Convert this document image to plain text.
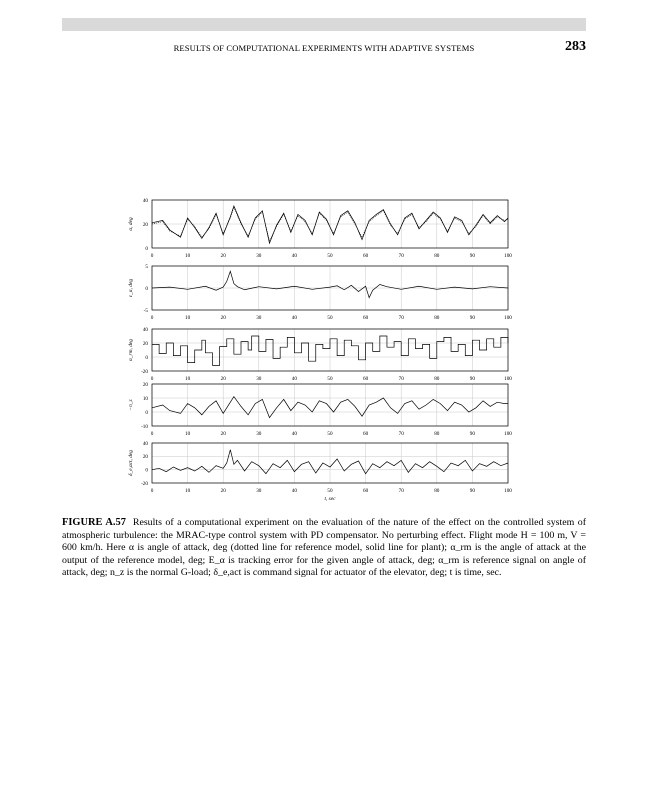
RESULTS OF COMPUTATIONAL EXPERIMENTS WITH ADAPTIVE SYSTEMS	283
0	10	20	30	40	50	60	70	80	90	100
0
20
40
α, deg
0	10	20	30	40	50	60	70	80	90	100
-5
0
5
ε_α, deg
0	10	20	30	40	50	60	70	80	90	100
-20
0
20
40
α_rm, deg
0	10	20	30	40	50	60	70	80	90	100
-10
0
10
20
−n_z
0	10	20	30	40	50	60	70	80	90	100
-20
0
20
40
δ_e,act, deg
t, sec
FIGURE A.57 Results of a computational experiment on the evaluation of the nature of the effect on the controlled system of atmospheric turbulence: the MRAC-type control system with PD compensator. No perturbing effect. Flight mode H = 100 m, V = 600 km/h. Here α is angle of attack, deg (dotted line for reference model, solid line for plant); α_rm is the angle of attack at the output of the reference model, deg; E_α is tracking error for the given angle of attack, deg; α_rm is reference signal on angle of attack, deg; n_z is the normal G-load; δ_e,act is command signal for actuator of the elevator, deg; t is time, sec.
